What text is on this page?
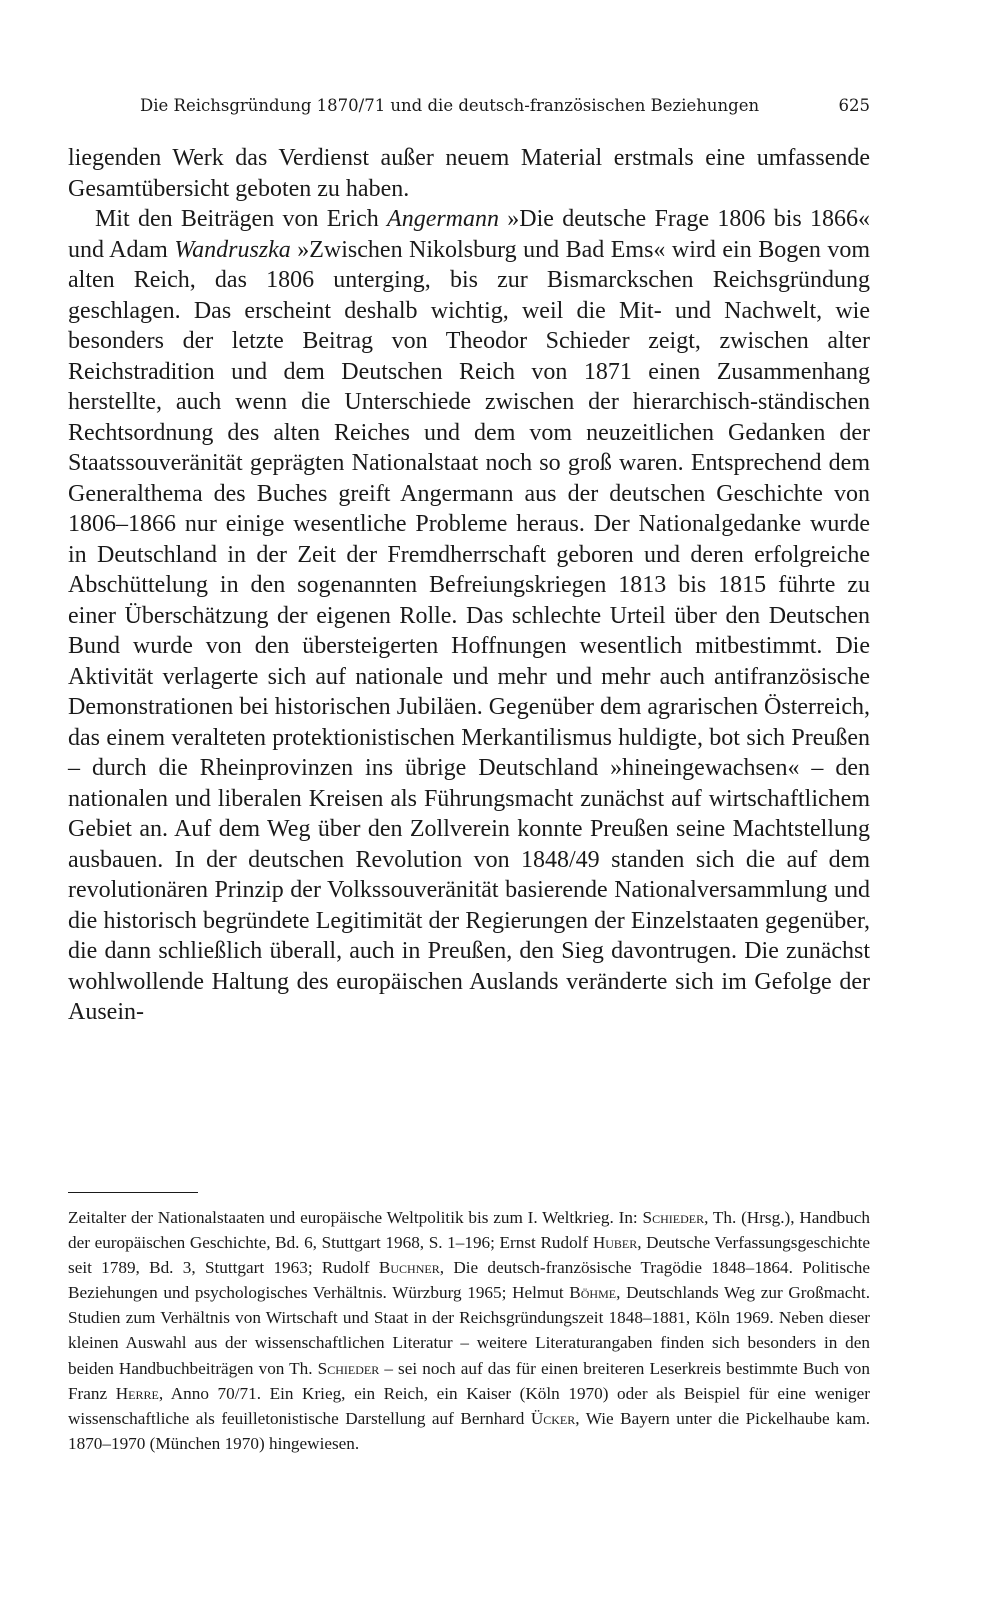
Die Reichsgründung 1870/71 und die deutsch-französischen Beziehungen	625

liegenden Werk das Verdienst außer neuem Material erstmals eine umfassende Gesamtübersicht geboten zu haben.

Mit den Beiträgen von Erich Angermann »Die deutsche Frage 1806 bis 1866« und Adam Wandruszka »Zwischen Nikolsburg und Bad Ems« wird ein Bogen vom alten Reich, das 1806 unterging, bis zur Bismarckschen Reichsgründung geschlagen. Das erscheint deshalb wichtig, weil die Mit- und Nachwelt, wie besonders der letzte Beitrag von Theodor Schieder zeigt, zwischen alter Reichstradition und dem Deutschen Reich von 1871 einen Zusammenhang herstellte, auch wenn die Unterschiede zwischen der hierarchisch-ständischen Rechtsordnung des alten Reiches und dem vom neuzeitlichen Gedanken der Staatssouveränität geprägten Nationalstaat noch so groß waren. Entsprechend dem Generalthema des Buches greift Angermann aus der deutschen Geschichte von 1806–1866 nur einige wesentliche Probleme heraus. Der Nationalgedanke wurde in Deutschland in der Zeit der Fremdherrschaft geboren und deren erfolgreiche Abschüttelung in den sogenannten Befreiungskriegen 1813 bis 1815 führte zu einer Überschätzung der eigenen Rolle. Das schlechte Urteil über den Deutschen Bund wurde von den übersteigerten Hoffnungen wesentlich mitbestimmt. Die Aktivität verlagerte sich auf nationale und mehr und mehr auch antifranzösische Demonstrationen bei historischen Jubiläen. Gegenüber dem agrarischen Österreich, das einem veralteten protektionistischen Merkantilismus huldigte, bot sich Preußen – durch die Rheinprovinzen ins übrige Deutschland »hineingewachsen« – den nationalen und liberalen Kreisen als Führungsmacht zunächst auf wirtschaftlichem Gebiet an. Auf dem Weg über den Zollverein konnte Preußen seine Machtstellung ausbauen. In der deutschen Revolution von 1848/49 standen sich die auf dem revolutionären Prinzip der Volkssouveränität basierende Nationalversammlung und die historisch begründete Legitimität der Regierungen der Einzelstaaten gegenüber, die dann schließlich überall, auch in Preußen, den Sieg davontrugen. Die zunächst wohlwollende Haltung des europäischen Auslands veränderte sich im Gefolge der Ausein-

Zeitalter der Nationalstaaten und europäische Weltpolitik bis zum I. Weltkrieg. In: Schieder, Th. (Hrsg.), Handbuch der europäischen Geschichte, Bd. 6, Stuttgart 1968, S. 1–196; Ernst Rudolf Huber, Deutsche Verfassungsgeschichte seit 1789, Bd. 3, Stuttgart 1963; Rudolf Buchner, Die deutsch-französische Tragödie 1848–1864. Politische Beziehungen und psychologisches Verhältnis. Würzburg 1965; Helmut Böhme, Deutschlands Weg zur Großmacht. Studien zum Verhältnis von Wirtschaft und Staat in der Reichsgründungszeit 1848–1881, Köln 1969. Neben dieser kleinen Auswahl aus der wissenschaftlichen Literatur – weitere Literaturangaben finden sich besonders in den beiden Handbuchbeiträgen von Th. Schieder – sei noch auf das für einen breiteren Leserkreis bestimmte Buch von Franz Herre, Anno 70/71. Ein Krieg, ein Reich, ein Kaiser (Köln 1970) oder als Beispiel für eine weniger wissenschaftliche als feuilletonistische Darstellung auf Bernhard Ücker, Wie Bayern unter die Pickelhaube kam. 1870–1970 (München 1970) hingewiesen.
